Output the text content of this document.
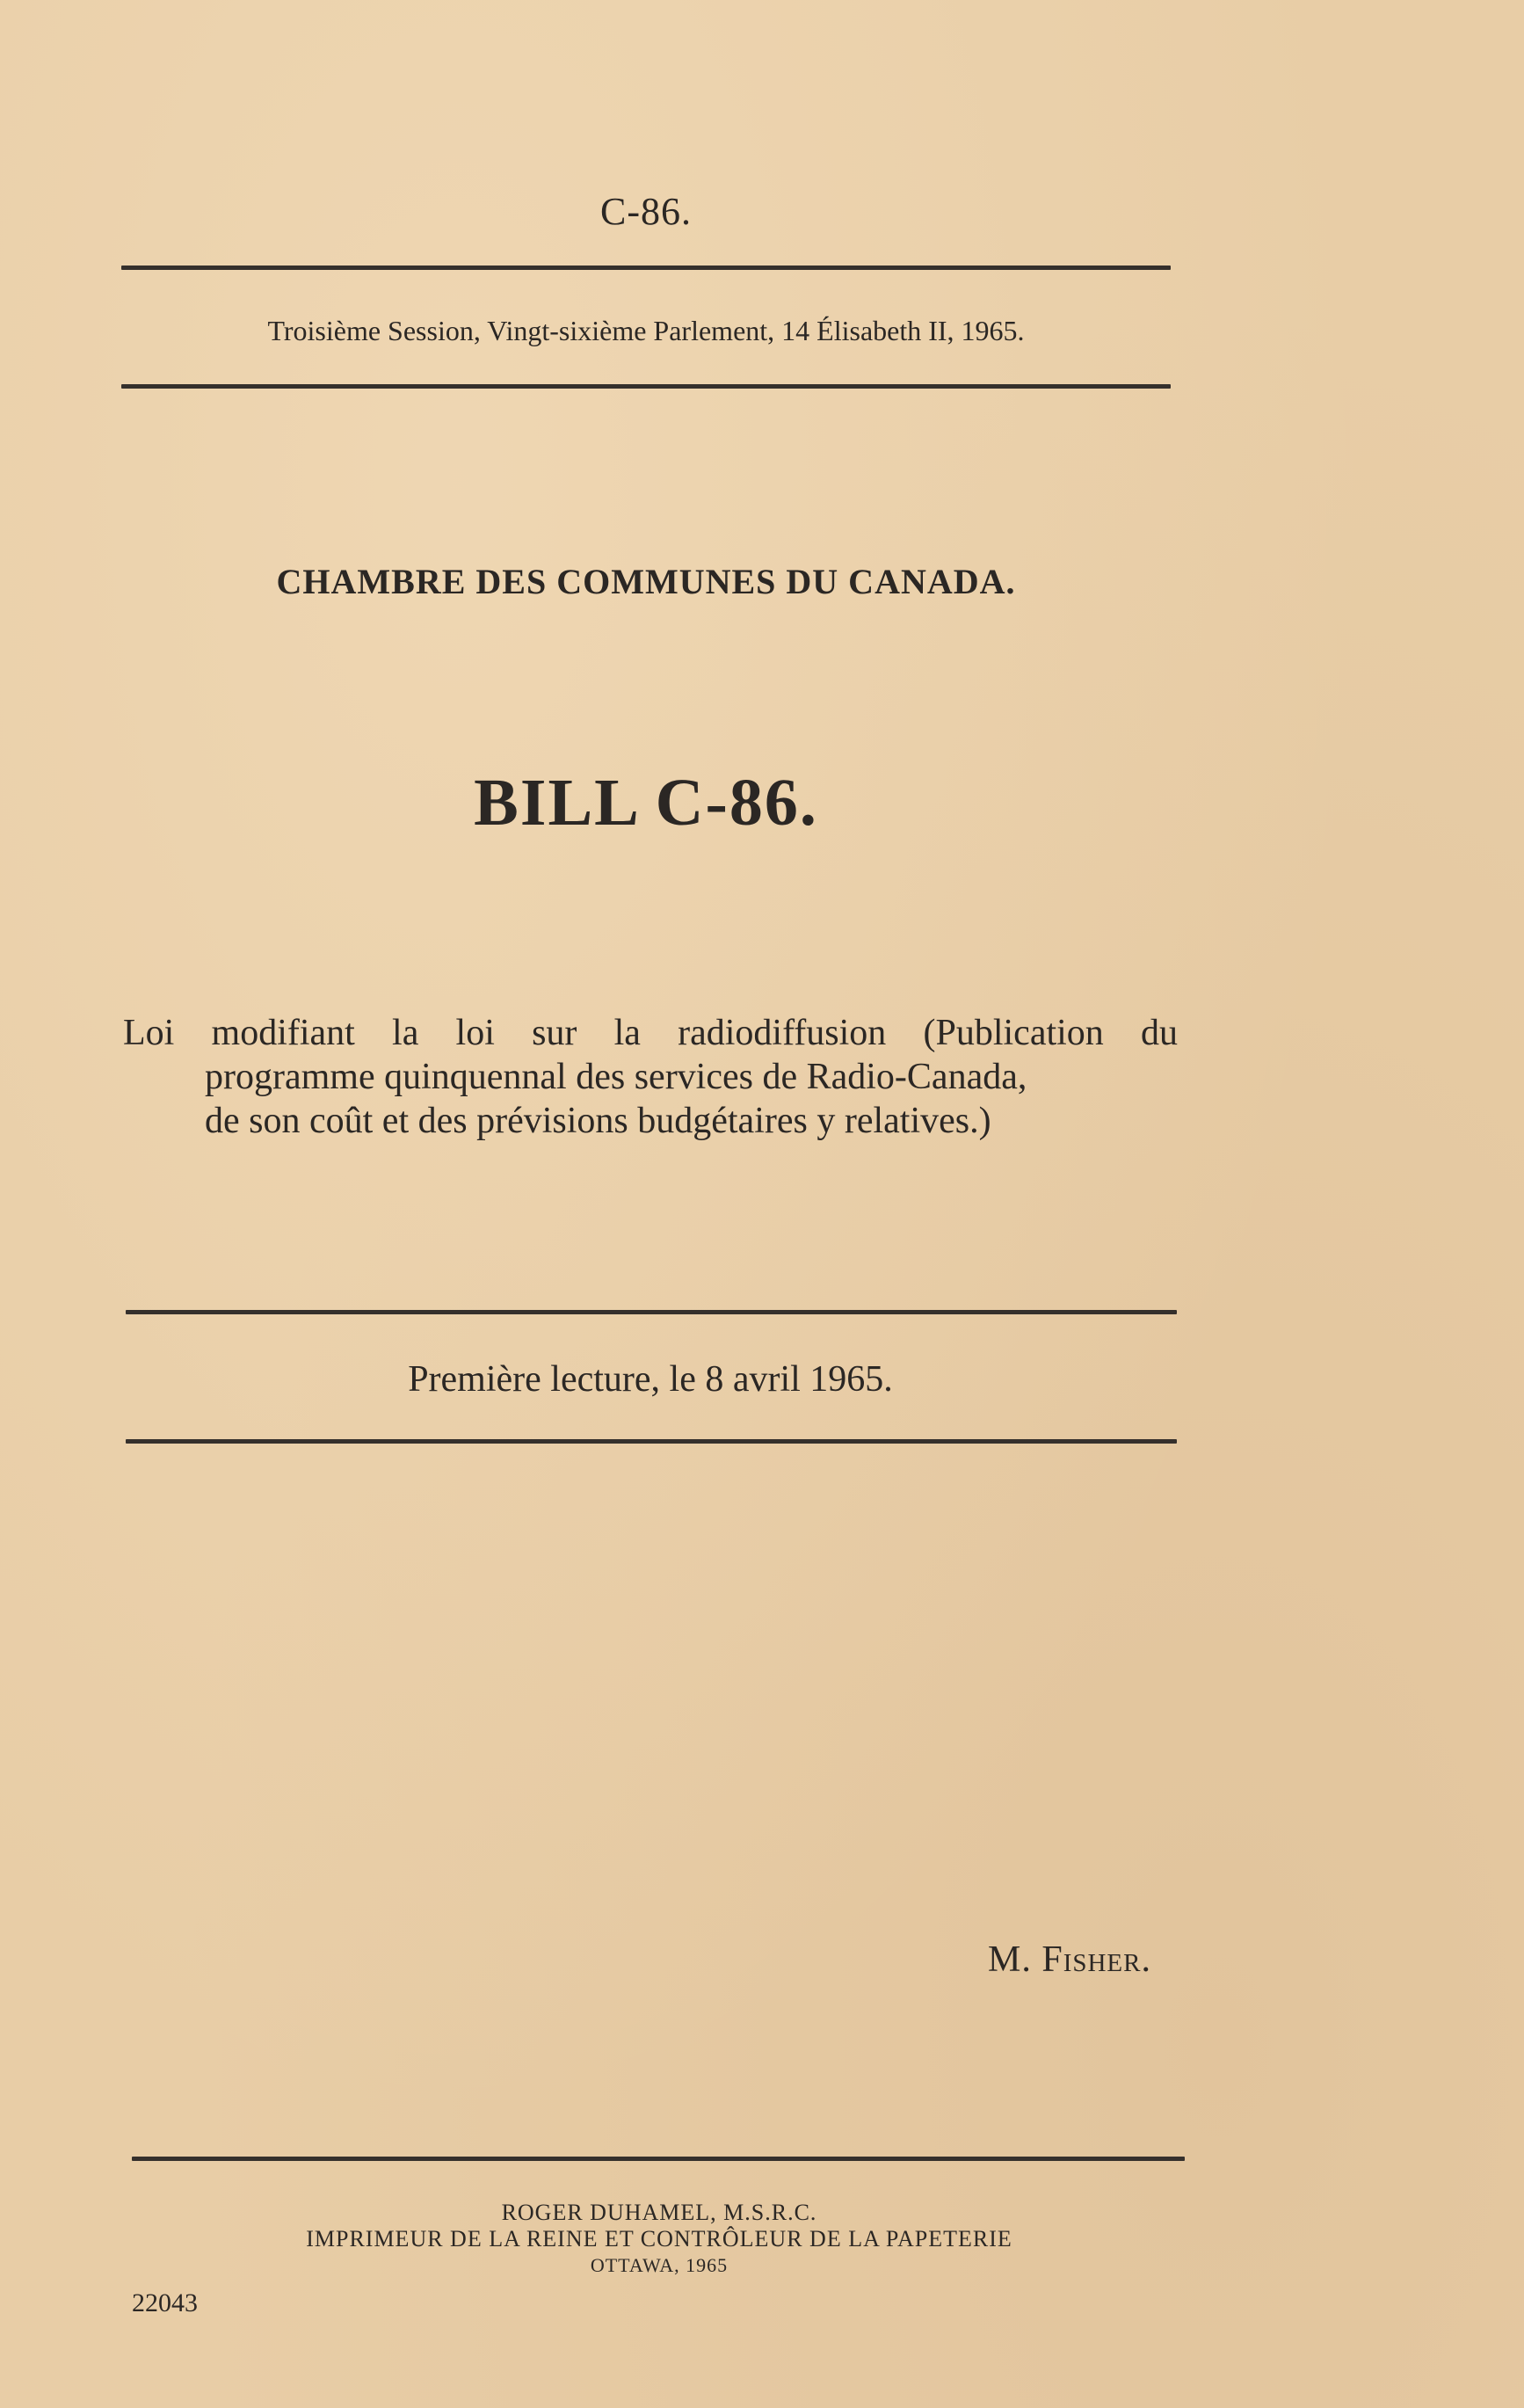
C-86.
Troisième Session, Vingt-sixième Parlement, 14 Élisabeth II, 1965.
CHAMBRE DES COMMUNES DU CANADA.
BILL C-86.
Loi modifiant la loi sur la radiodiffusion (Publication du
programme quinquennal des services de Radio-Canada,
de son coût et des prévisions budgétaires y relatives.)
Première lecture, le 8 avril 1965.
M. Fisher.
ROGER DUHAMEL, M.S.R.C.
IMPRIMEUR DE LA REINE ET CONTRÔLEUR DE LA PAPETERIE
OTTAWA, 1965
22043
